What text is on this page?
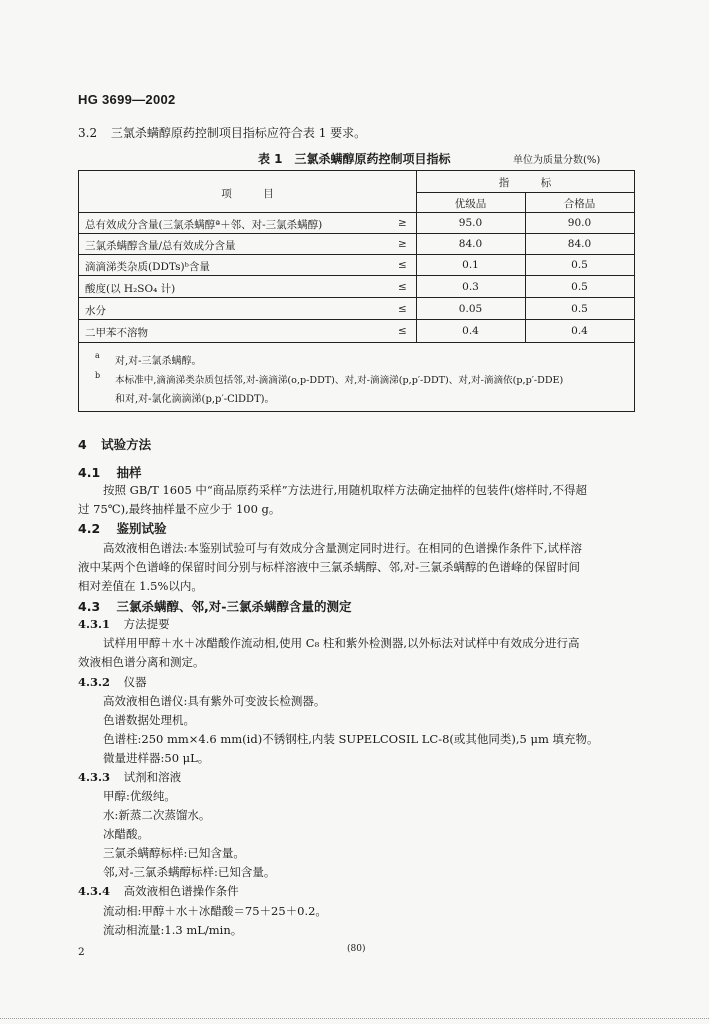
HG 3699—2002
3.2 三氯杀螨醇原药控制项目指标应符合表 1 要求。
表 1　三氯杀螨醇原药控制项目指标	单位为质量分数(%)
项　　　目
指　　　标
优级品	合格品
总有效成分含量(三氯杀螨醇ª＋邻、对-三氯杀螨醇)	≥	95.0	90.0
三氯杀螨醇含量/总有效成分含量	≥	84.0	84.0
滴滴涕类杂质(DDTs)ᵇ含量	≤	0.1	0.5
酸度(以 H₂SO₄ 计)	≤	0.3	0.5
水分	≤	0.05	0.5
二甲苯不溶物	≤	0.4	0.4
a
对,对-三氯杀螨醇。
b 本标准中,滴滴涕类杂质包括邻,对-滴滴涕(o,p-DDT)、对,对-滴滴涕(p,p′-DDT)、对,对-滴滴依(p,p′-DDE)
和对,对-氯化滴滴涕(p,p′-ClDDT)。
4 试验方法
4.1 抽样
按照 GB/T 1605 中“商品原药采样”方法进行,用随机取样方法确定抽样的包装件(熔样时,不得超
过 75℃),最终抽样量不应少于 100 g。
4.2 鉴别试验
高效液相色谱法:本鉴别试验可与有效成分含量测定同时进行。在相同的色谱操作条件下,试样溶
液中某两个色谱峰的保留时间分别与标样溶液中三氯杀螨醇、邻,对-三氯杀螨醇的色谱峰的保留时间
相对差值在 1.5%以内。
4.3 三氯杀螨醇、邻,对-三氯杀螨醇含量的测定
4.3.1 方法提要
试样用甲醇＋水＋冰醋酸作流动相,使用 C₈ 柱和紫外检测器,以外标法对试样中有效成分进行高
效液相色谱分离和测定。
4.3.2 仪器
高效液相色谱仪:具有紫外可变波长检测器。
色谱数据处理机。
色谱柱:250 mm×4.6 mm(id)不锈钢柱,内装 SUPELCOSIL LC-8(或其他同类),5 μm 填充物。
微量进样器:50 μL。
4.3.3 试剂和溶液
甲醇:优级纯。
水:新蒸二次蒸馏水。
冰醋酸。
三氯杀螨醇标样:已知含量。
邻,对-三氯杀螨醇标样:已知含量。
4.3.4 高效液相色谱操作条件
流动相:甲醇＋水＋冰醋酸＝75＋25＋0.2。
流动相流量:1.3 mL/min。
2	(80)
